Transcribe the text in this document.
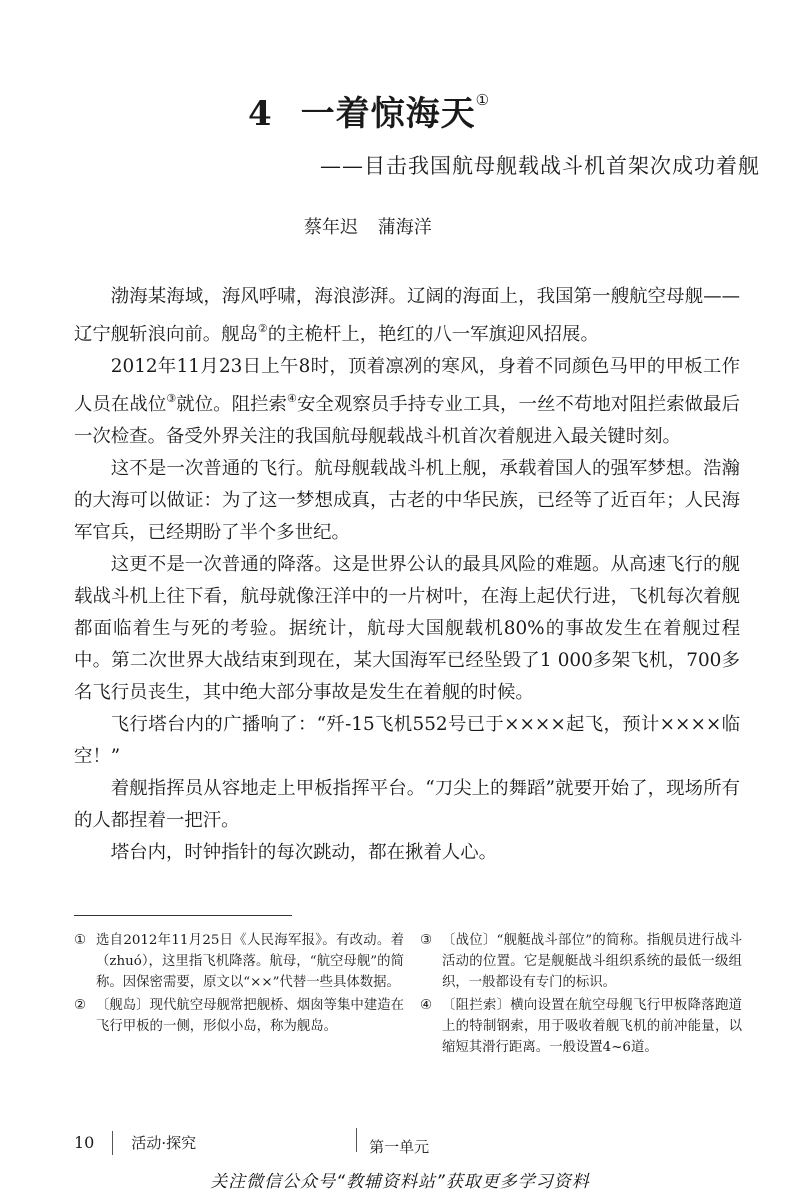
4 一着惊海天①
——目击我国航母舰载战斗机首架次成功着舰
蔡年迟 蒲海洋

渤海某海域，海风呼啸，海浪澎湃。辽阔的海面上，我国第一艘航空母舰——辽宁舰斩浪向前。舰岛②的主桅杆上，艳红的八一军旗迎风招展。

2012年11月23日上午8时，顶着凛冽的寒风，身着不同颜色马甲的甲板工作人员在战位③就位。阻拦索④安全观察员手持专业工具，一丝不苟地对阻拦索做最后一次检查。备受外界关注的我国航母舰载战斗机首次着舰进入最关键时刻。

这不是一次普通的飞行。航母舰载战斗机上舰，承载着国人的强军梦想。浩瀚的大海可以做证：为了这一梦想成真，古老的中华民族，已经等了近百年；人民海军官兵，已经期盼了半个多世纪。

这更不是一次普通的降落。这是世界公认的最具风险的难题。从高速飞行的舰载战斗机上往下看，航母就像汪洋中的一片树叶，在海上起伏行进，飞机每次着舰都面临着生与死的考验。据统计，航母大国舰载机80%的事故发生在着舰过程中。第二次世界大战结束到现在，某大国海军已经坠毁了1 000多架飞机，700多名飞行员丧生，其中绝大部分事故是发生在着舰的时候。

飞行塔台内的广播响了：“歼-15飞机552号已于××××起飞，预计××××临空！”

着舰指挥员从容地走上甲板指挥平台。“刀尖上的舞蹈”就要开始了，现场所有的人都捏着一把汗。

塔台内，时钟指针的每次跳动，都在揪着人心。

① 选自2012年11月25日《人民海军报》。有改动。着（zhuó），这里指飞机降落。航母，“航空母舰”的简称。因保密需要，原文以“××”代替一些具体数据。
② 〔舰岛〕现代航空母舰常把舰桥、烟囱等集中建造在飞行甲板的一侧，形似小岛，称为舰岛。
③ 〔战位〕“舰艇战斗部位”的简称。指舰员进行战斗活动的位置。它是舰艇战斗组织系统的最低一级组织，一般都设有专门的标识。
④ 〔阻拦索〕横向设置在航空母舰飞行甲板降落跑道上的特制钢索，用于吸收着舰飞机的前冲能量，以缩短其滑行距离。一般设置4~6道。
10 活动·探究	第一单元
关注微信公众号“教辅资料站”获取更多学习资料
